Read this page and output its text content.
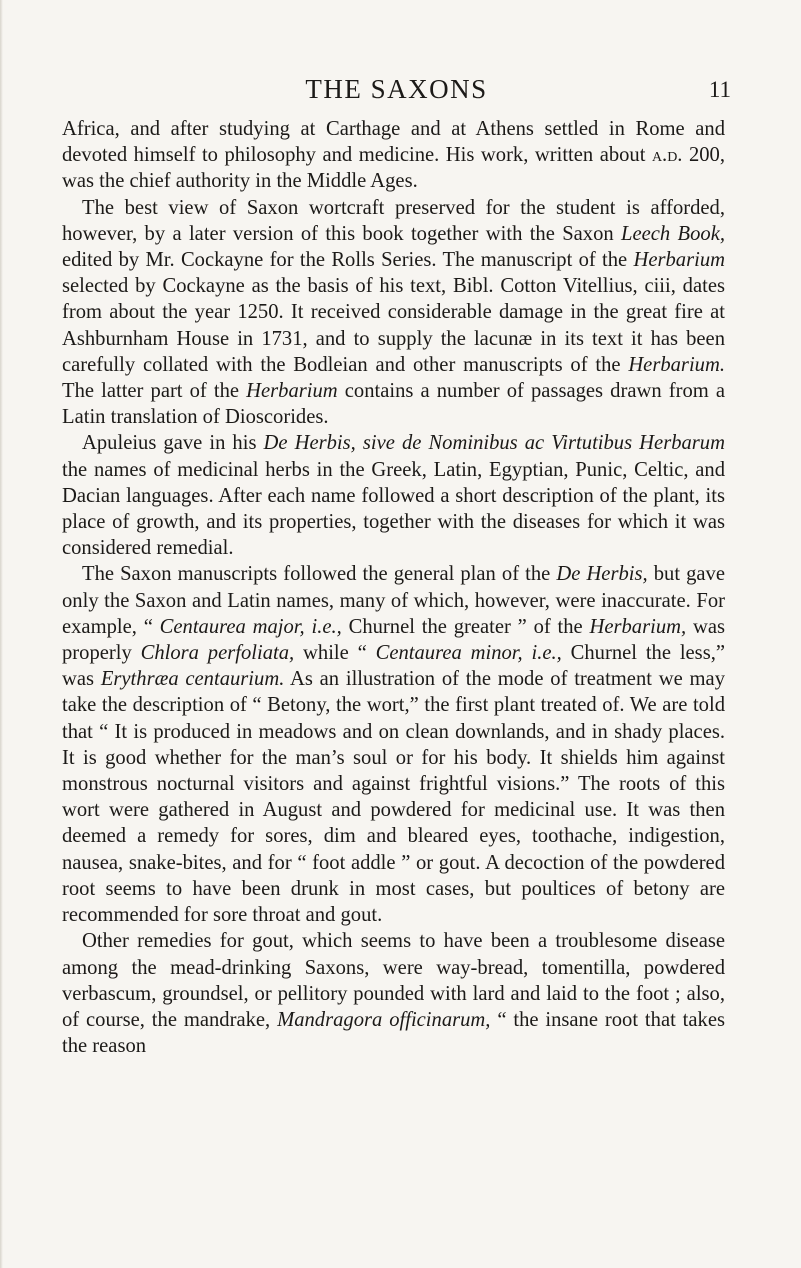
THE SAXONS	11

Africa, and after studying at Carthage and at Athens settled in Rome and devoted himself to philosophy and medicine. His work, written about a.d. 200, was the chief authority in the Middle Ages.

The best view of Saxon wortcraft preserved for the student is afforded, however, by a later version of this book together with the Saxon Leech Book, edited by Mr. Cockayne for the Rolls Series. The manuscript of the Herbarium selected by Cockayne as the basis of his text, Bibl. Cotton Vitellius, ciii, dates from about the year 1250. It received considerable damage in the great fire at Ashburnham House in 1731, and to supply the lacunæ in its text it has been carefully collated with the Bodleian and other manuscripts of the Herbarium. The latter part of the Herbarium contains a number of passages drawn from a Latin translation of Dioscorides.

Apuleius gave in his De Herbis, sive de Nominibus ac Virtutibus Herbarum the names of medicinal herbs in the Greek, Latin, Egyptian, Punic, Celtic, and Dacian languages. After each name followed a short description of the plant, its place of growth, and its properties, together with the diseases for which it was considered remedial.

The Saxon manuscripts followed the general plan of the De Herbis, but gave only the Saxon and Latin names, many of which, however, were inaccurate. For example, “ Centaurea major, i.e., Churnel the greater ” of the Herbarium, was properly Chlora perfoliata, while “ Centaurea minor, i.e., Churnel the less,” was Erythræa centaurium. As an illustration of the mode of treatment we may take the description of “ Betony, the wort,” the first plant treated of. We are told that “ It is produced in meadows and on clean downlands, and in shady places. It is good whether for the man’s soul or for his body. It shields him against monstrous nocturnal visitors and against frightful visions.” The roots of this wort were gathered in August and powdered for medicinal use. It was then deemed a remedy for sores, dim and bleared eyes, toothache, indigestion, nausea, snake-bites, and for “ foot addle ” or gout. A decoction of the powdered root seems to have been drunk in most cases, but poultices of betony are recommended for sore throat and gout.

Other remedies for gout, which seems to have been a troublesome disease among the mead-drinking Saxons, were way-bread, tomentilla, powdered verbascum, groundsel, or pellitory pounded with lard and laid to the foot ; also, of course, the mandrake, Mandragora officinarum, “ the insane root that takes the reason
